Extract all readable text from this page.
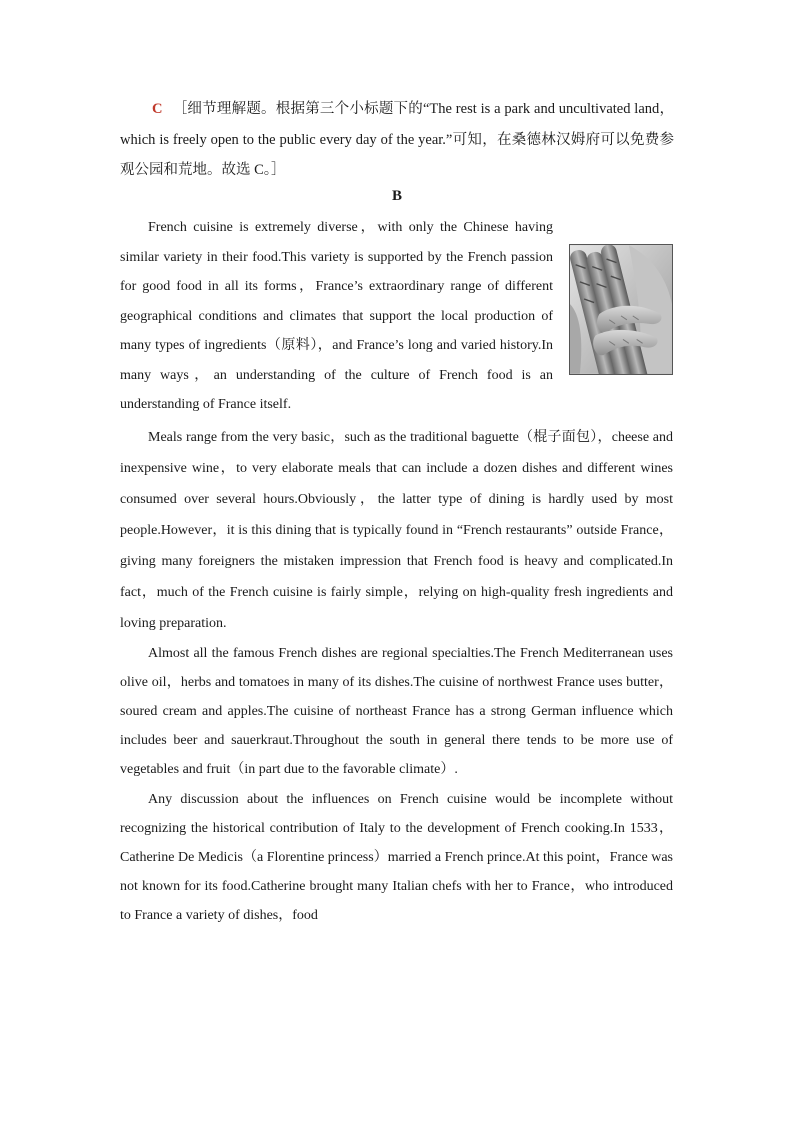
C ［细节理解题。根据第三个小标题下的“The rest is a park and uncultivated land，which is freely open to the public every day of the year.”可知，在桑德林汉姆府可以免费参观公园和荒地。故选 C。］
B

French cuisine is extremely diverse，with only the Chinese having similar variety in their food.This variety is supported by the French passion for good food in all its forms，France’s extraordinary range of different geographical conditions and climates that support the local production of many types of ingredients（原料），and France’s long and varied history.In many ways，an understanding of the culture of French food is an understanding of France itself.

Meals range from the very basic，such as the traditional baguette（棍子面包），cheese and inexpensive wine，to very elaborate meals that can include a dozen dishes and different wines consumed over several hours.Obviously，the latter type of dining is hardly used by most people.However，it is this dining that is typically found in “French restaurants” outside France，giving many foreigners the mistaken impression that French food is heavy and complicated.In fact，much of the French cuisine is fairly simple，relying on high-quality fresh ingredients and loving preparation.

Almost all the famous French dishes are regional specialties.The French Mediterranean uses olive oil，herbs and tomatoes in many of its dishes.The cuisine of northwest France uses butter，soured cream and apples.The cuisine of northeast France has a strong German influence which includes beer and sauerkraut.Throughout the south in general there tends to be more use of vegetables and fruit（in part due to the favorable climate）.

Any discussion about the influences on French cuisine would be incomplete without recognizing the historical contribution of Italy to the development of French cooking.In 1533，Catherine De Medicis（a Florentine princess）married a French prince.At this point，France was not known for its food.Catherine brought many Italian chefs with her to France，who introduced to France a variety of dishes，food
